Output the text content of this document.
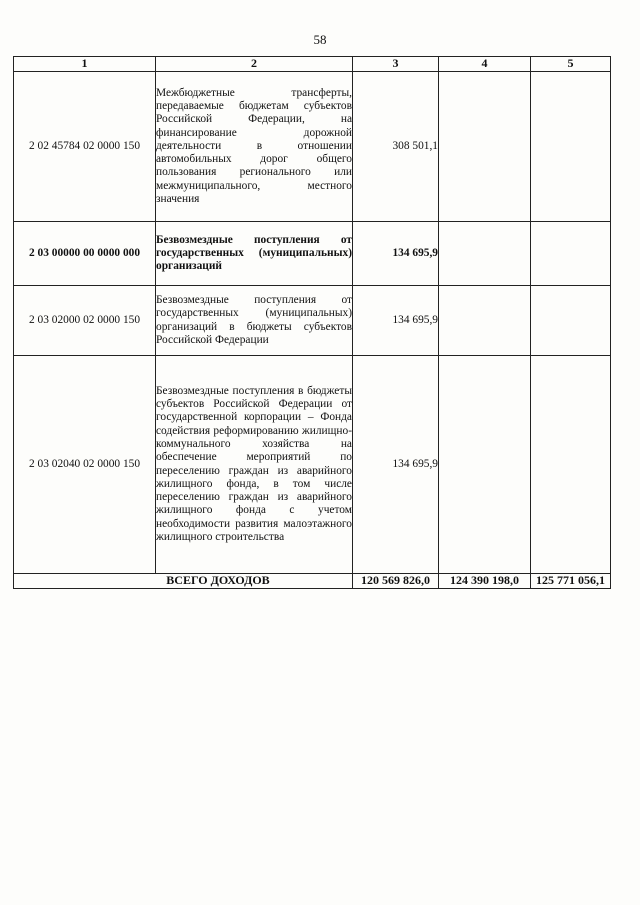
58
1	2	3	4	5
2 02 45784 02 0000 150	Межбюджетные трансферты, передаваемые бюджетам субъектов Российской Федерации, на финансирование дорожной деятельности в отношении автомобильных дорог общего пользования регионального или межмуниципального, местного значения	308 501,1		
2 03 00000 00 0000 000	Безвозмездные поступления от государственных (муниципальных) организаций	134 695,9		
2 03 02000 02 0000 150	Безвозмездные поступления от государственных (муниципальных) организаций в бюджеты субъектов Российской Федерации	134 695,9		
2 03 02040 02 0000 150	Безвозмездные поступления в бюджеты субъектов Российской Федерации от государственной корпорации – Фонда содействия реформированию жилищно-коммунального хозяйства на обеспечение мероприятий по переселению граждан из аварийного жилищного фонда, в том числе переселению граждан из аварийного жилищного фонда с учетом необходимости развития малоэтажного жилищного строительства	134 695,9		
ВСЕГО ДОХОДОВ		120 569 826,0	124 390 198,0	125 771 056,1
